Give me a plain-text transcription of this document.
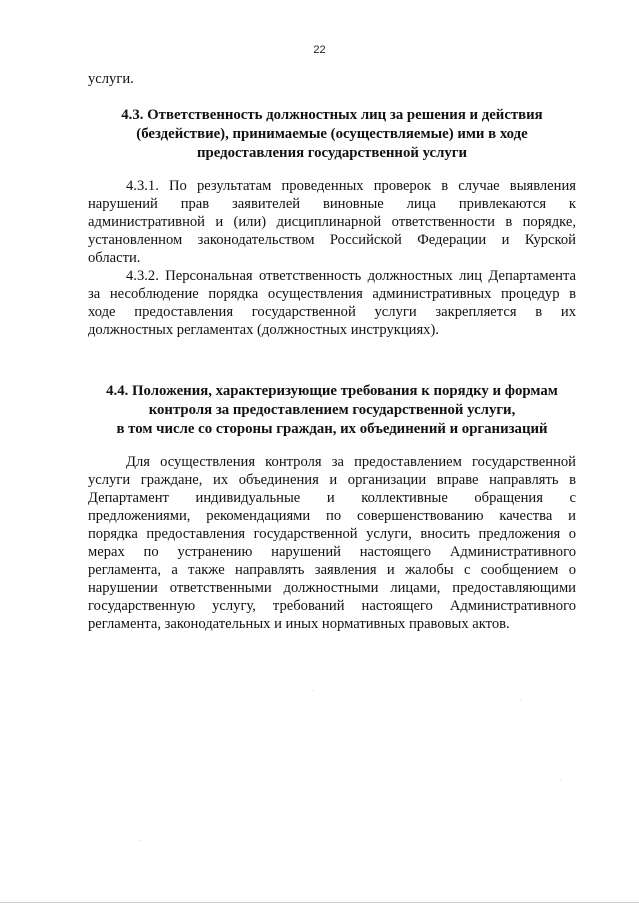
22
услуги.
4.3. Ответственность должностных лиц за решения и действия
(бездействие), принимаемые (осуществляемые) ими в ходе
предоставления государственной услуги
4.3.1. По результатам проведенных проверок в случае выявления
нарушений прав заявителей виновные лица привлекаются к
административной и (или) дисциплинарной ответственности в порядке,
установленном законодательством Российской Федерации и Курской
области.
4.3.2. Персональная ответственность должностных лиц Департамента
за несоблюдение порядка осуществления административных процедур в
ходе предоставления государственной услуги закрепляется в их
должностных регламентах (должностных инструкциях).
4.4. Положения, характеризующие требования к порядку и формам
контроля за предоставлением государственной услуги,
в том числе со стороны граждан, их объединений и организаций
Для осуществления контроля за предоставлением государственной
услуги граждане, их объединения и организации вправе направлять в
Департамент индивидуальные и коллективные обращения с
предложениями, рекомендациями по совершенствованию качества и
порядка предоставления государственной услуги, вносить предложения о
мерах по устранению нарушений настоящего Административного
регламента, а также направлять заявления и жалобы с сообщением о
нарушении ответственными должностными лицами, предоставляющими
государственную услугу, требований настоящего Административного
регламента, законодательных и иных нормативных правовых актов.
